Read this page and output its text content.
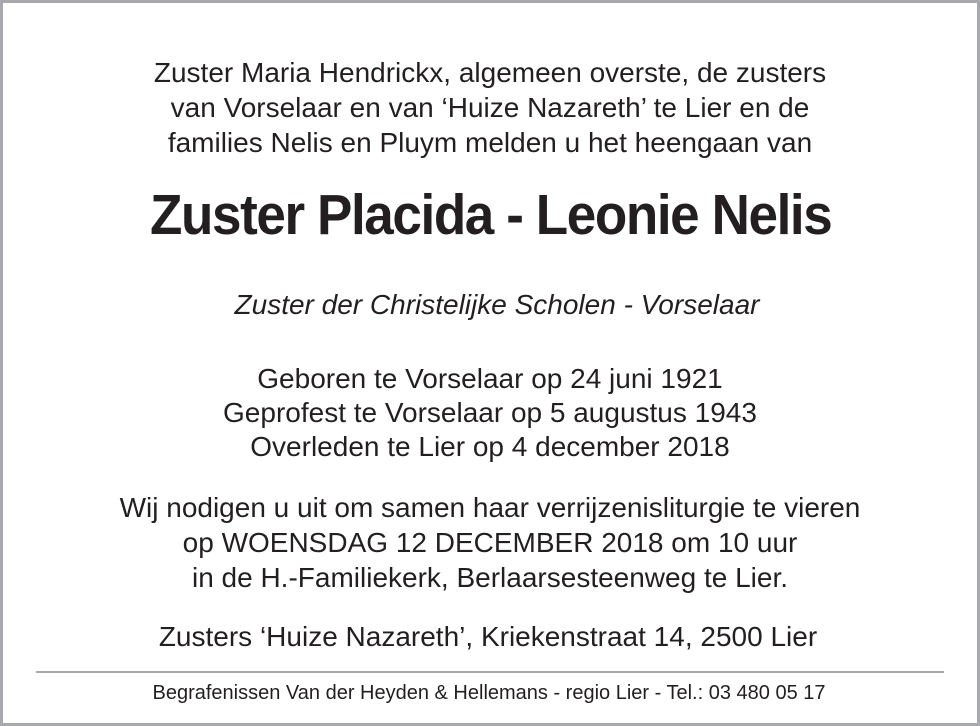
Zuster Maria Hendrickx, algemeen overste, de zusters
van Vorselaar en van ‘Huize Nazareth’ te Lier en de
families Nelis en Pluym melden u het heengaan van
Zuster Placida - Leonie Nelis
Zuster der Christelijke Scholen - Vorselaar
Geboren te Vorselaar op 24 juni 1921
Geprofest te Vorselaar op 5 augustus 1943
Overleden te Lier op 4 december 2018
Wij nodigen u uit om samen haar verrijzenisliturgie te vieren
op WOENSDAG 12 DECEMBER 2018 om 10 uur
in de H.-Familiekerk, Berlaarsesteenweg te Lier.
Zusters ‘Huize Nazareth’, Kriekenstraat 14, 2500 Lier
Begrafenissen Van der Heyden & Hellemans - regio Lier - Tel.: 03 480 05 17
